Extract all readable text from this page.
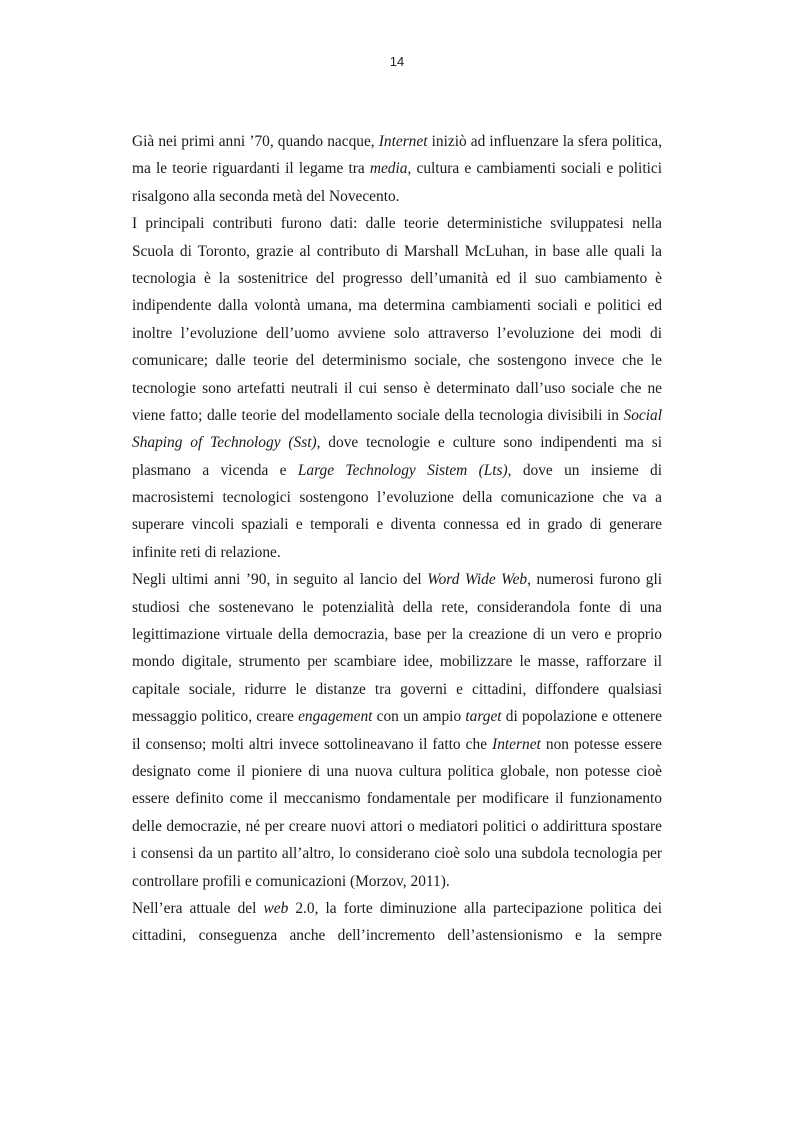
14
Già nei primi anni ’70, quando nacque, Internet iniziò ad influenzare la sfera politica,
ma le teorie riguardanti il legame tra media, cultura e cambiamenti sociali e politici
risalgono alla seconda metà del Novecento.
I principali contributi furono dati: dalle teorie deterministiche sviluppatesi nella
Scuola di Toronto, grazie al contributo di Marshall McLuhan, in base alle quali la
tecnologia è la sostenitrice del progresso dell’umanità ed il suo cambiamento è
indipendente dalla volontà umana, ma determina cambiamenti sociali e politici ed
inoltre l’evoluzione dell’uomo avviene solo attraverso l’evoluzione dei modi di
comunicare; dalle teorie del determinismo sociale, che sostengono invece che le
tecnologie sono artefatti neutrali il cui senso è determinato dall’uso sociale che ne
viene fatto; dalle teorie del modellamento sociale della tecnologia divisibili in Social
Shaping of Technology (Sst), dove tecnologie e culture sono indipendenti ma si
plasmano a vicenda e Large Technology Sistem (Lts), dove un insieme di
macrosistemi tecnologici sostengono l’evoluzione della comunicazione che va a
superare vincoli spaziali e temporali e diventa connessa ed in grado di generare
infinite reti di relazione.
Negli ultimi anni ’90, in seguito al lancio del Word Wide Web, numerosi furono gli
studiosi che sostenevano le potenzialità della rete, considerandola fonte di una
legittimazione virtuale della democrazia, base per la creazione di un vero e proprio
mondo digitale, strumento per scambiare idee, mobilizzare le masse, rafforzare il
capitale sociale, ridurre le distanze tra governi e cittadini, diffondere qualsiasi
messaggio politico, creare engagement con un ampio target di popolazione e ottenere
il consenso; molti altri invece sottolineavano il fatto che Internet non potesse essere
designato come il pioniere di una nuova cultura politica globale, non potesse cioè
essere definito come il meccanismo fondamentale per modificare il funzionamento
delle democrazie, né per creare nuovi attori o mediatori politici o addirittura spostare
i consensi da un partito all’altro, lo considerano cioè solo una subdola tecnologia per
controllare profili e comunicazioni (Morzov, 2011).
Nell’era attuale del web 2.0, la forte diminuzione alla partecipazione politica dei
cittadini, conseguenza anche dell’incremento dell’astensionismo e la sempre
